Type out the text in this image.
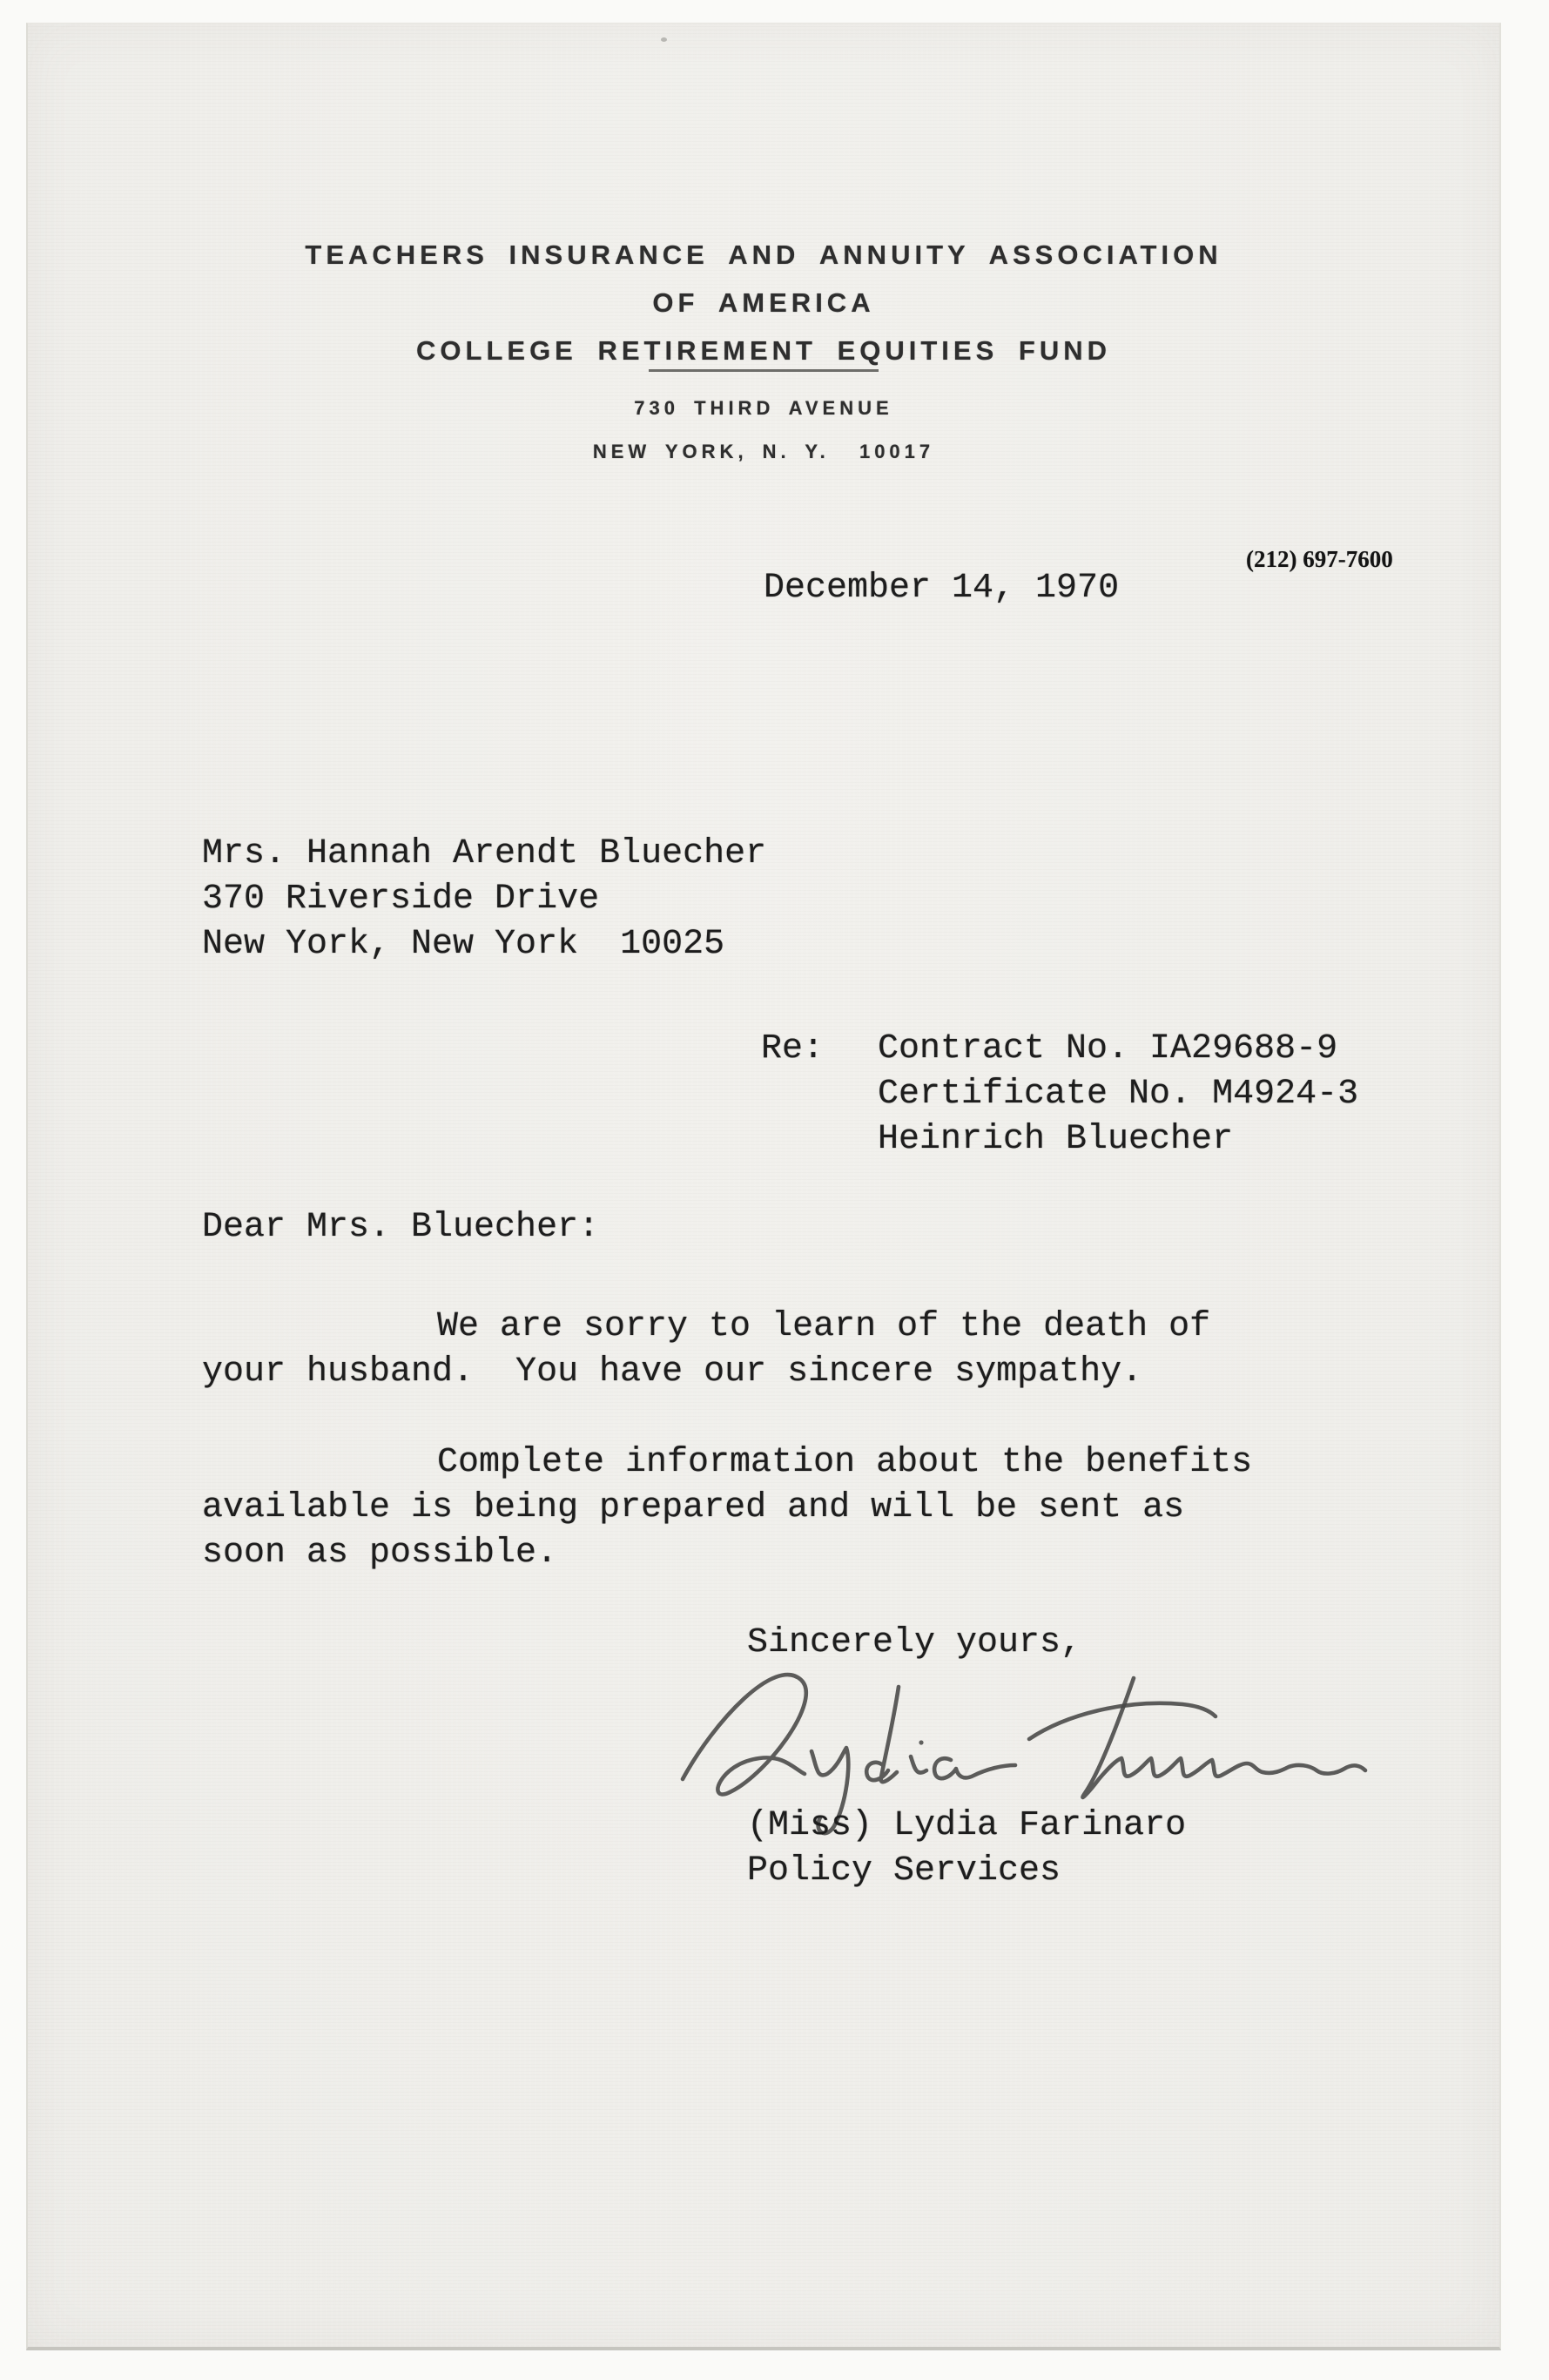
TEACHERS INSURANCE AND ANNUITY ASSOCIATION
OF AMERICA
COLLEGE RETIREMENT EQUITIES FUND
730 THIRD AVENUE
NEW YORK, N. Y.  10017
(212) 697-7600
December 14, 1970
Mrs. Hannah Arendt Bluecher
370 Riverside Drive
New York, New York  10025
Re: Contract No. IA29688-9
Certificate No. M4924-3
Heinrich Bluecher
Dear Mrs. Bluecher:
We are sorry to learn of the death of
your husband.  You have our sincere sympathy.
Complete information about the benefits
available is being prepared and will be sent as
soon as possible.
Sincerely yours,
(Miss) Lydia Farinaro
Policy Services
